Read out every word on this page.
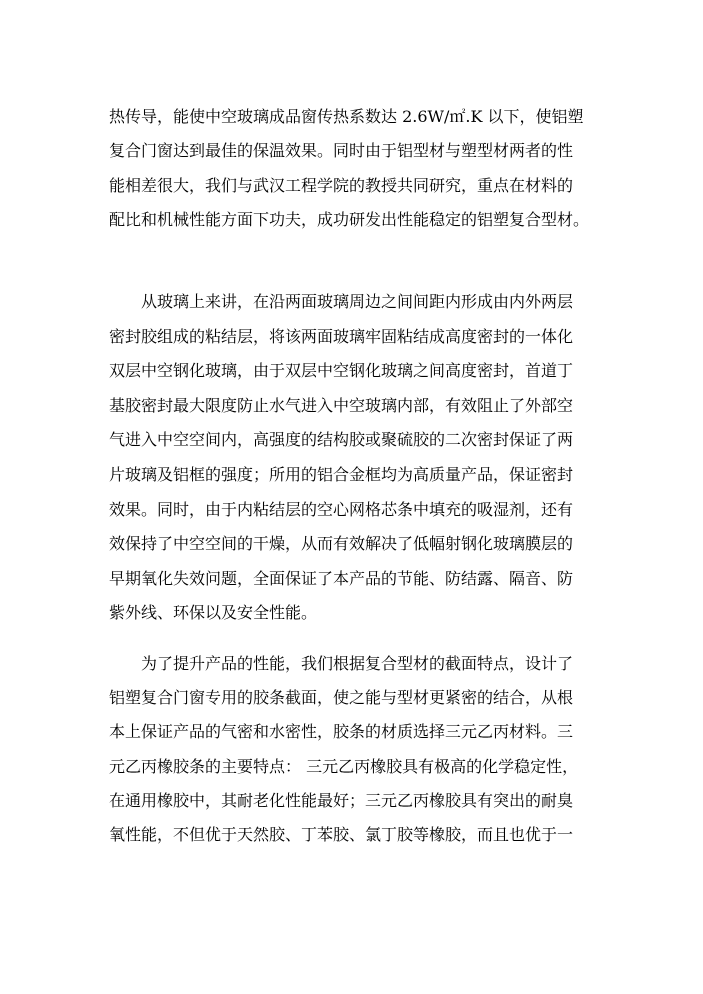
热传导，能使中空玻璃成品窗传热系数达 2.6W/㎡.K 以下，使铝塑
复合门窗达到最佳的保温效果。同时由于铝型材与塑型材两者的性
能相差很大，我们与武汉工程学院的教授共同研究，重点在材料的
配比和机械性能方面下功夫，成功研发出性能稳定的铝塑复合型材。
从玻璃上来讲，在沿两面玻璃周边之间间距内形成由内外两层
密封胶组成的粘结层，将该两面玻璃牢固粘结成高度密封的一体化
双层中空钢化玻璃，由于双层中空钢化玻璃之间高度密封，首道丁
基胶密封最大限度防止水气进入中空玻璃内部，有效阻止了外部空
气进入中空空间内，高强度的结构胶或聚硫胶的二次密封保证了两
片玻璃及铝框的强度；所用的铝合金框均为高质量产品，保证密封
效果。同时，由于内粘结层的空心网格芯条中填充的吸湿剂，还有
效保持了中空空间的干燥，从而有效解决了低幅射钢化玻璃膜层的
早期氧化失效问题，全面保证了本产品的节能、防结露、隔音、防
紫外线、环保以及安全性能。
为了提升产品的性能，我们根据复合型材的截面特点，设计了
铝塑复合门窗专用的胶条截面，使之能与型材更紧密的结合，从根
本上保证产品的气密和水密性，胶条的材质选择三元乙丙材料。三
元乙丙橡胶条的主要特点： 三元乙丙橡胶具有极高的化学稳定性，
在通用橡胶中，其耐老化性能最好；三元乙丙橡胶具有突出的耐臭
氧性能，不但优于天然胶、丁苯胶、氯丁胶等橡胶，而且也优于一
